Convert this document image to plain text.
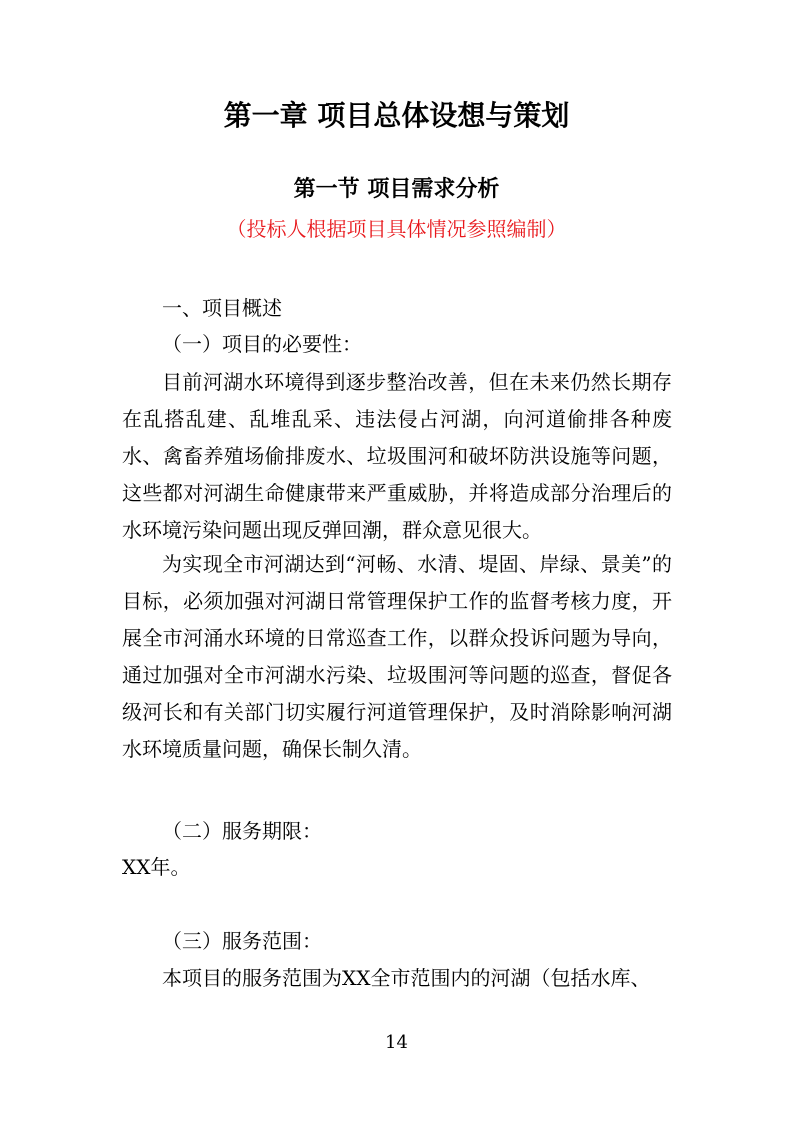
第一章 项目总体设想与策划
第一节 项目需求分析

（投标人根据项目具体情况参照编制）

一、项目概述

（一）项目的必要性：

目前河湖水环境得到逐步整治改善，但在未来仍然长期存在乱搭乱建、乱堆乱采、违法侵占河湖，向河道偷排各种废水、禽畜养殖场偷排废水、垃圾围河和破坏防洪设施等问题，这些都对河湖生命健康带来严重威胁，并将造成部分治理后的水环境污染问题出现反弹回潮，群众意见很大。

为实现全市河湖达到“河畅、水清、堤固、岸绿、景美”的目标，必须加强对河湖日常管理保护工作的监督考核力度，开展全市河涌水环境的日常巡查工作，以群众投诉问题为导向，通过加强对全市河湖水污染、垃圾围河等问题的巡查，督促各级河长和有关部门切实履行河道管理保护，及时消除影响河湖水环境质量问题，确保长制久清。

（二）服务期限：

XX年。

（三）服务范围：

本项目的服务范围为XX全市范围内的河湖（包括水库、

14
